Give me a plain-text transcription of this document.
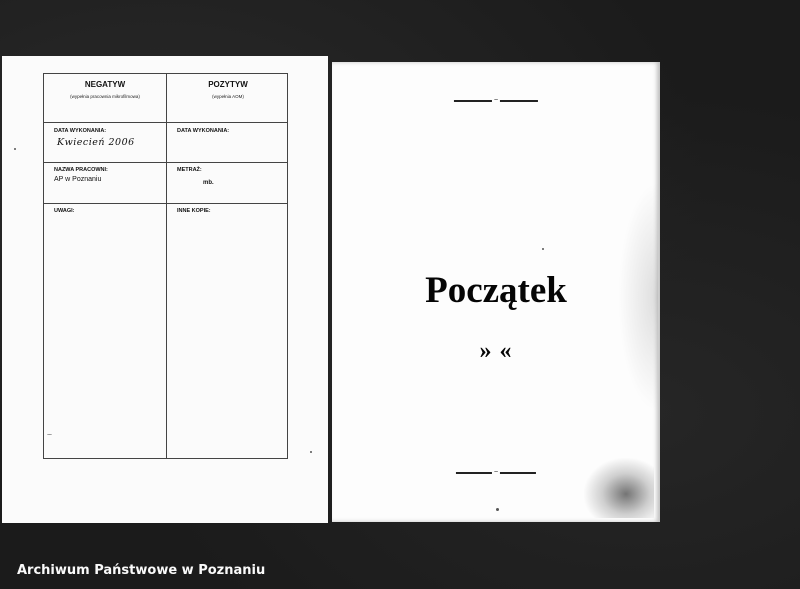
NEGATYW
(wypełnia pracownia mikrofilmowa)
POZYTYW
(wypełnia AOM)
DATA WYKONANIA:
Kwiecień 2006
DATA WYKONANIA:
NAZWA PRACOWNI:
AP w Poznaniu
METRAŻ:
mb.
UWAGI:	INNE KOPIE:
~
Początek
» «
~
Archiwum Państwowe w Poznaniu
